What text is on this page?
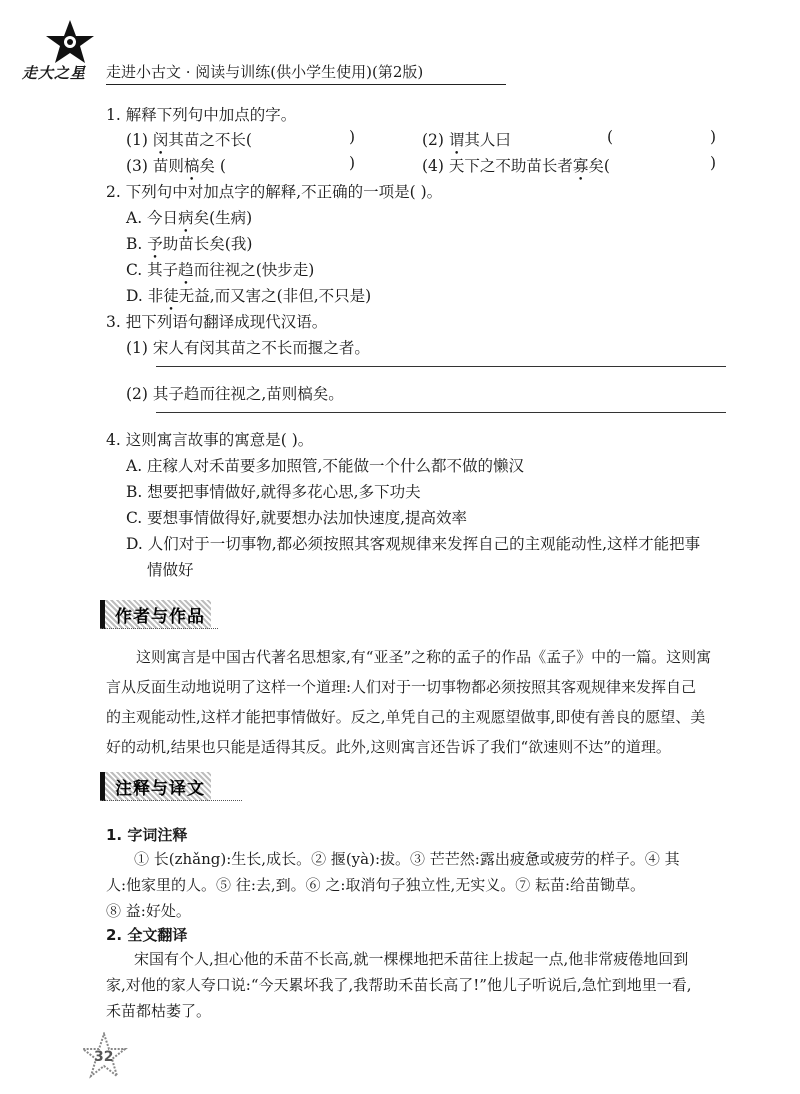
走大之星 走进小古文 · 阅读与训练(供小学生使用)(第2版)
1. 解释下列句中加点的字。
(1) 闵其苗之不长(	)	(2) 谓其人曰	(	)
(3) 苗则槁矣 (	)	(4) 天下之不助苗长者寡矣(	)
2. 下列句中对加点字的解释,不正确的一项是( )。
A. 今日病矣(生病)
B. 予助苗长矣(我)
C. 其子趋而往视之(快步走)
D. 非徒无益,而又害之(非但,不只是)
3. 把下列语句翻译成现代汉语。
(1) 宋人有闵其苗之不长而揠之者。
(2) 其子趋而往视之,苗则槁矣。
4. 这则寓言故事的寓意是( )。
A. 庄稼人对禾苗要多加照管,不能做一个什么都不做的懒汉
B. 想要把事情做好,就得多花心思,多下功夫
C. 要想事情做得好,就要想办法加快速度,提高效率
D. 人们对于一切事物,都必须按照其客观规律来发挥自己的主观能动性,这样才能把事
情做好
作者与作品
这则寓言是中国古代著名思想家,有“亚圣”之称的孟子的作品《孟子》中的一篇。这则寓
言从反面生动地说明了这样一个道理:人们对于一切事物都必须按照其客观规律来发挥自己
的主观能动性,这样才能把事情做好。反之,单凭自己的主观愿望做事,即使有善良的愿望、美
好的动机,结果也只能是适得其反。此外,这则寓言还告诉了我们“欲速则不达”的道理。
注释与译文
1. 字词注释
① 长(zhǎng):生长,成长。② 揠(yà):拔。③ 芒芒然:露出疲惫或疲劳的样子。④ 其
人:他家里的人。⑤ 往:去,到。⑥ 之:取消句子独立性,无实义。⑦ 耘苗:给苗锄草。
⑧ 益:好处。
2. 全文翻译
宋国有个人,担心他的禾苗不长高,就一棵棵地把禾苗往上拔起一点,他非常疲倦地回到
家,对他的家人夸口说:“今天累坏我了,我帮助禾苗长高了!”他儿子听说后,急忙到地里一看,
禾苗都枯萎了。
32
